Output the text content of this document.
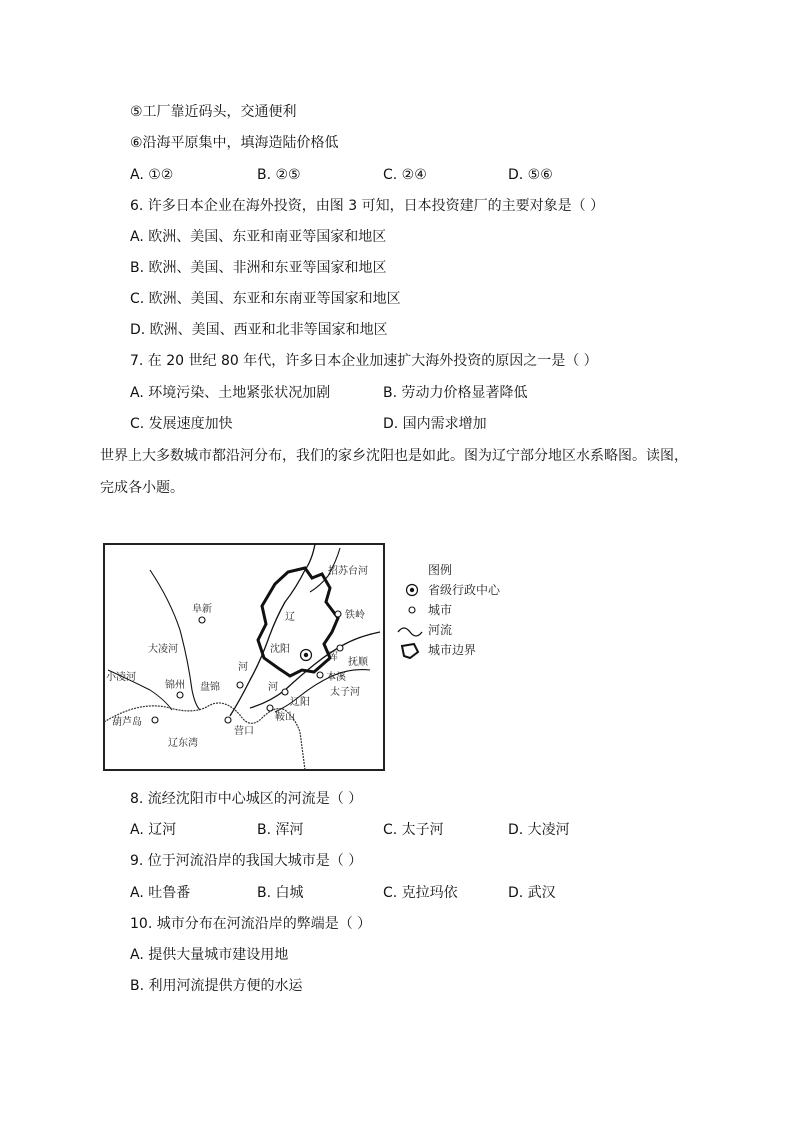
⑤工厂靠近码头，交通便利
⑥沿海平原集中，填海造陆价格低
A. ①②	B. ②⑤	C. ②④	D. ⑤⑥
6. 许多日本企业在海外投资，由图 3 可知，日本投资建厂的主要对象是（ ）
A. 欧洲、美国、东亚和南亚等国家和地区
B. 欧洲、美国、非洲和东亚等国家和地区
C. 欧洲、美国、东亚和东南亚等国家和地区
D. 欧洲、美国、西亚和北非等国家和地区
7. 在 20 世纪 80 年代，许多日本企业加速扩大海外投资的原因之一是（ ）
A. 环境污染、土地紧张状况加剧	B. 劳动力价格显著降低
C. 发展速度加快	D. 国内需求增加
世界上大多数城市都沿河分布，我们的家乡沈阳也是如此。图为辽宁部分地区水系略图。读图，
完成各小题。
招苏台河
阜新
铁岭
大凌河
辽
沈阳
抚顺
浑
小凌河
锦州 盘锦
河
本溪
太子河
河
辽阳
鞍山
葫芦岛
营口
辽东湾
图例
省级行政中心
城市
河流
城市边界
8. 流经沈阳市中心城区的河流是（ ）
A. 辽河	B. 浑河	C. 太子河	D. 大凌河
9. 位于河流沿岸的我国大城市是（ ）
A. 吐鲁番	B. 白城	C. 克拉玛依	D. 武汉
10. 城市分布在河流沿岸的弊端是（ ）
A. 提供大量城市建设用地
B. 利用河流提供方便的水运
